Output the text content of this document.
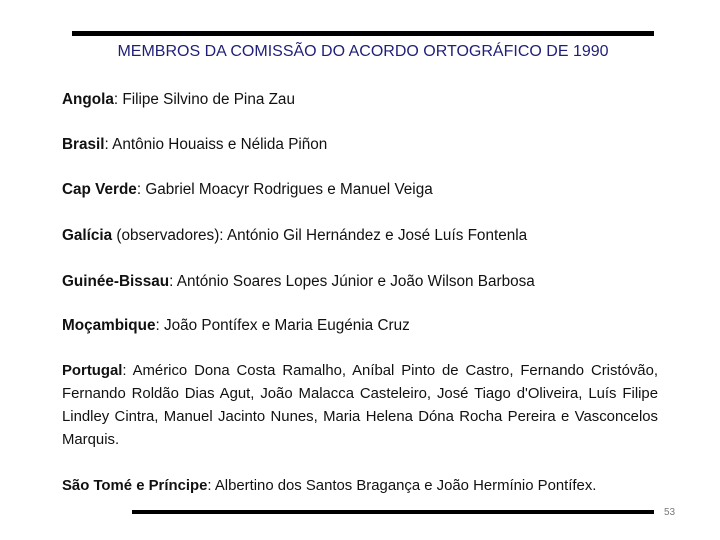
MEMBROS DA COMISSÃO DO ACORDO ORTOGRÁFICO DE 1990
Angola: Filipe Silvino de Pina Zau
Brasil: Antônio Houaiss e Nélida Piñon
Cap Verde: Gabriel Moacyr Rodrigues e Manuel Veiga
Galícia (observadores): António Gil Hernández e José Luís Fontenla
Guinée-Bissau: António Soares Lopes Júnior e João Wilson Barbosa
Moçambique: João Pontífex e Maria Eugénia Cruz
Portugal: Américo Dona Costa Ramalho, Aníbal Pinto de Castro, Fernando Cristóvão, Fernando Roldão Dias Agut, João Malacca Casteleiro, José Tiago d'Oliveira, Luís Filipe Lindley Cintra, Manuel Jacinto Nunes, Maria Helena Dóna Rocha Pereira e Vasconcelos Marquis.
São Tomé e Príncipe: Albertino dos Santos Bragança e João Hermínio Pontífex.
53
